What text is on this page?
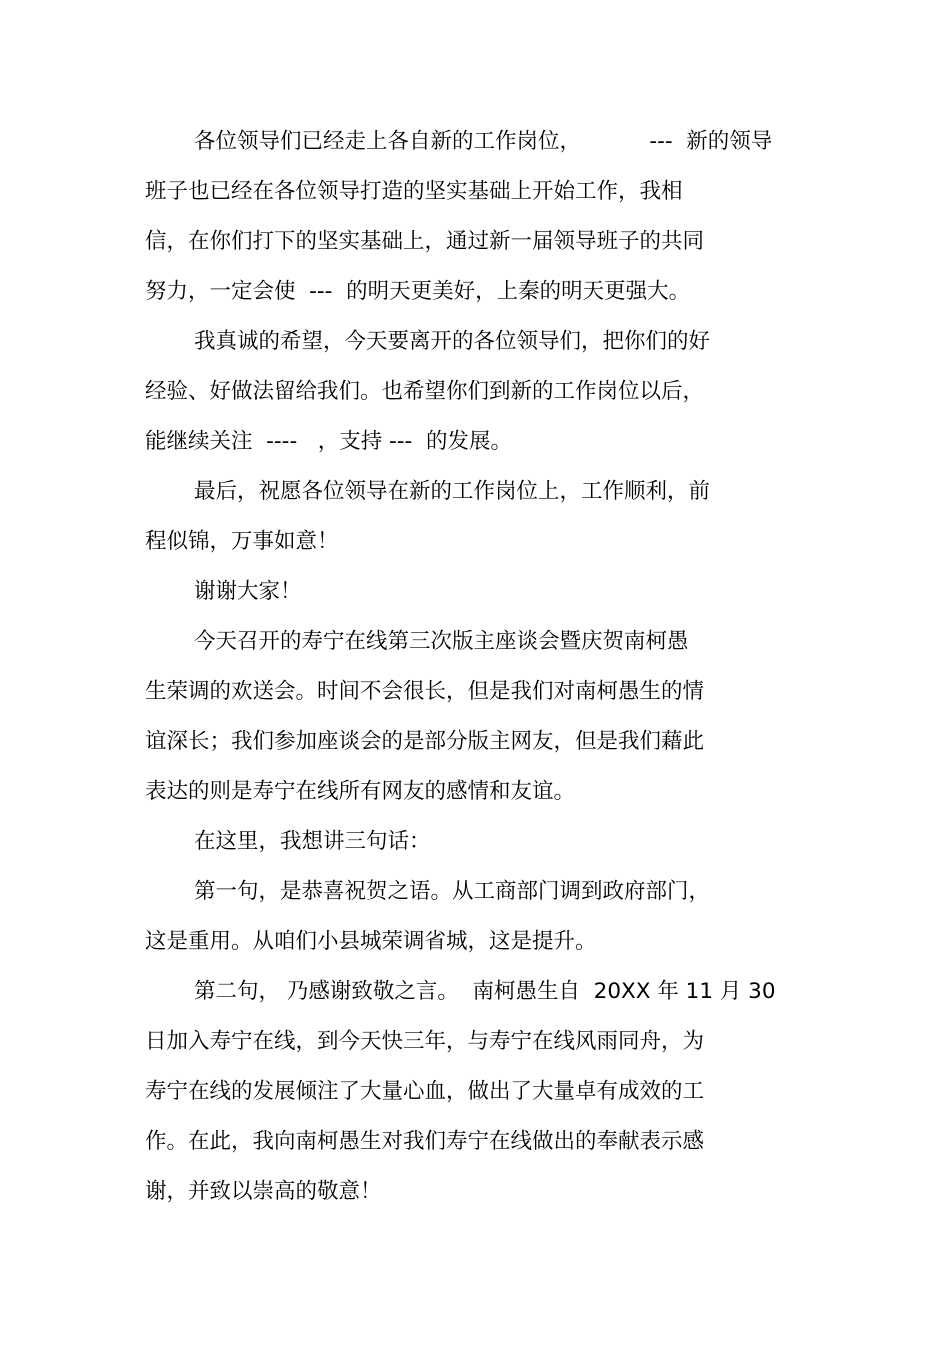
各位领导们已经走上各自新的工作岗位，          ---  新的领导
班子也已经在各位领导打造的坚实基础上开始工作，我相
信，在你们打下的坚实基础上，通过新一届领导班子的共同
努力，一定会使  ---  的明天更美好，上秦的明天更强大。
我真诚的希望，今天要离开的各位领导们，把你们的好
经验、好做法留给我们。也希望你们到新的工作岗位以后，
能继续关注  ----   ，支持 ---  的发展。
最后，祝愿各位领导在新的工作岗位上，工作顺利，前
程似锦，万事如意！
谢谢大家！
今天召开的寿宁在线第三次版主座谈会暨庆贺南柯愚
生荣调的欢送会。时间不会很长，但是我们对南柯愚生的情
谊深长；我们参加座谈会的是部分版主网友，但是我们藉此
表达的则是寿宁在线所有网友的感情和友谊。
在这里，我想讲三句话：
第一句，是恭喜祝贺之语。从工商部门调到政府部门，
这是重用。从咱们小县城荣调省城，这是提升。
第二句， 乃感谢致敬之言。  南柯愚生自  20XX 年 11 月 30
日加入寿宁在线，到今天快三年，与寿宁在线风雨同舟，为
寿宁在线的发展倾注了大量心血，做出了大量卓有成效的工
作。在此，我向南柯愚生对我们寿宁在线做出的奉献表示感
谢，并致以崇高的敬意！
